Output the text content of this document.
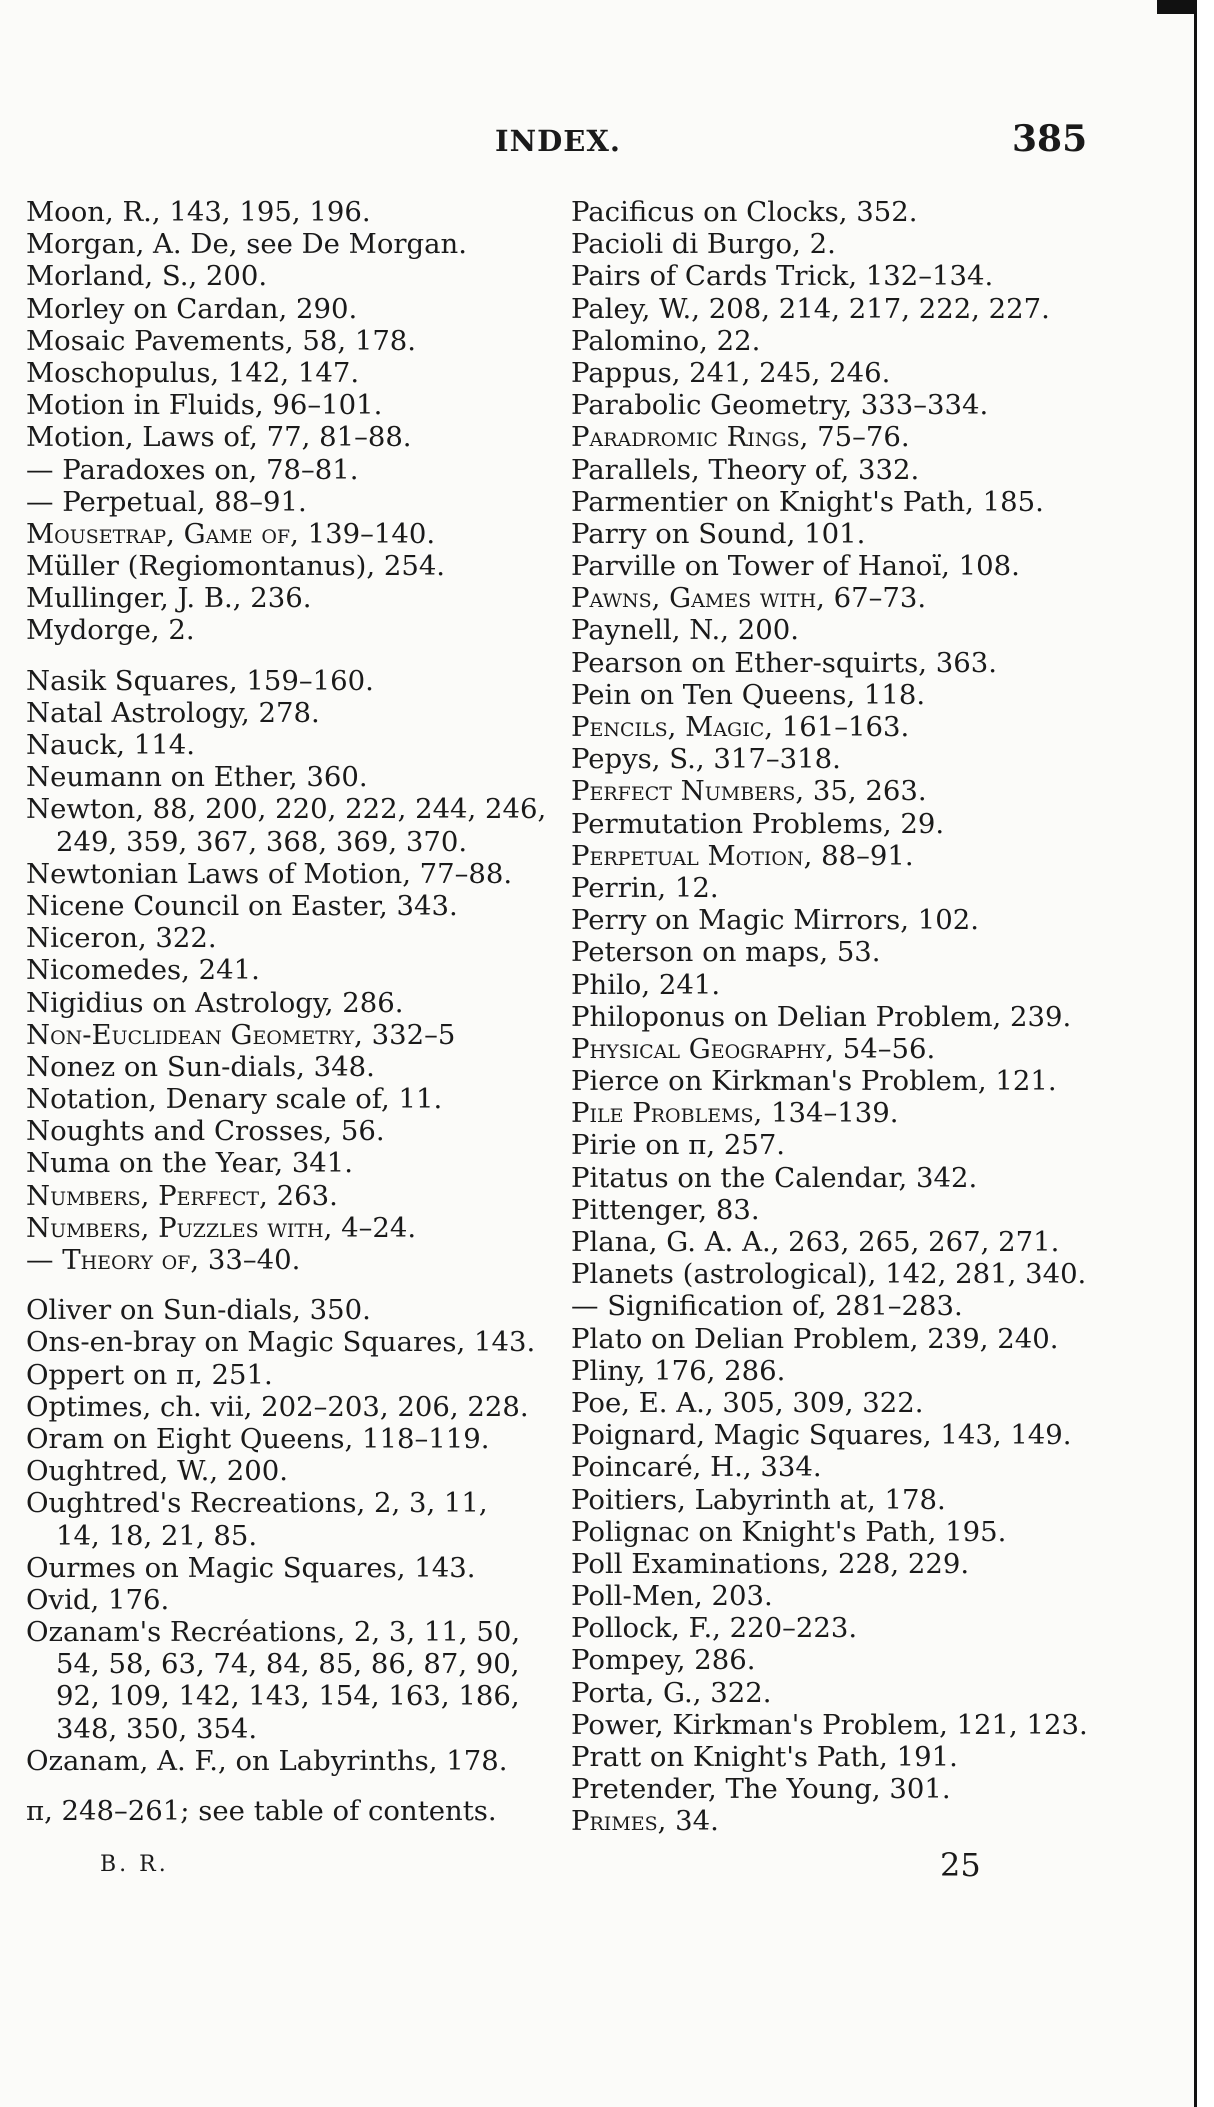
INDEX.	385
Moon, R., 143, 195, 196.
Morgan, A. De, see De Morgan.
Morland, S., 200.
Morley on Cardan, 290.
Mosaic Pavements, 58, 178.
Moschopulus, 142, 147.
Motion in Fluids, 96–101.
Motion, Laws of, 77, 81–88.
— Paradoxes on, 78–81.
— Perpetual, 88–91.
Mousetrap, Game of, 139–140.
Müller (Regiomontanus), 254.
Mullinger, J. B., 236.
Mydorge, 2.
Nasik Squares, 159–160.
Natal Astrology, 278.
Nauck, 114.
Neumann on Ether, 360.
Newton, 88, 200, 220, 222, 244, 246,
249, 359, 367, 368, 369, 370.
Newtonian Laws of Motion, 77–88.
Nicene Council on Easter, 343.
Niceron, 322.
Nicomedes, 241.
Nigidius on Astrology, 286.
Non-Euclidean Geometry, 332–5
Nonez on Sun-dials, 348.
Notation, Denary scale of, 11.
Noughts and Crosses, 56.
Numa on the Year, 341.
Numbers, Perfect, 263.
Numbers, Puzzles with, 4–24.
— Theory of, 33–40.
Oliver on Sun-dials, 350.
Ons-en-bray on Magic Squares, 143.
Oppert on π, 251.
Optimes, ch. vii, 202–203, 206, 228.
Oram on Eight Queens, 118–119.
Oughtred, W., 200.
Oughtred's Recreations, 2, 3, 11,
14, 18, 21, 85.
Ourmes on Magic Squares, 143.
Ovid, 176.
Ozanam's Recréations, 2, 3, 11, 50,
54, 58, 63, 74, 84, 85, 86, 87, 90,
92, 109, 142, 143, 154, 163, 186,
348, 350, 354.
Ozanam, A. F., on Labyrinths, 178.
π, 248–261; see table of contents.
Pacificus on Clocks, 352.
Pacioli di Burgo, 2.
Pairs of Cards Trick, 132–134.
Paley, W., 208, 214, 217, 222, 227.
Palomino, 22.
Pappus, 241, 245, 246.
Parabolic Geometry, 333–334.
Paradromic Rings, 75–76.
Parallels, Theory of, 332.
Parmentier on Knight's Path, 185.
Parry on Sound, 101.
Parville on Tower of Hanoï, 108.
Pawns, Games with, 67–73.
Paynell, N., 200.
Pearson on Ether-squirts, 363.
Pein on Ten Queens, 118.
Pencils, Magic, 161–163.
Pepys, S., 317–318.
Perfect Numbers, 35, 263.
Permutation Problems, 29.
Perpetual Motion, 88–91.
Perrin, 12.
Perry on Magic Mirrors, 102.
Peterson on maps, 53.
Philo, 241.
Philoponus on Delian Problem, 239.
Physical Geography, 54–56.
Pierce on Kirkman's Problem, 121.
Pile Problems, 134–139.
Pirie on π, 257.
Pitatus on the Calendar, 342.
Pittenger, 83.
Plana, G. A. A., 263, 265, 267, 271.
Planets (astrological), 142, 281, 340.
— Signification of, 281–283.
Plato on Delian Problem, 239, 240.
Pliny, 176, 286.
Poe, E. A., 305, 309, 322.
Poignard, Magic Squares, 143, 149.
Poincaré, H., 334.
Poitiers, Labyrinth at, 178.
Polignac on Knight's Path, 195.
Poll Examinations, 228, 229.
Poll-Men, 203.
Pollock, F., 220–223.
Pompey, 286.
Porta, G., 322.
Power, Kirkman's Problem, 121, 123.
Pratt on Knight's Path, 191.
Pretender, The Young, 301.
Primes, 34.
B. R.	25
